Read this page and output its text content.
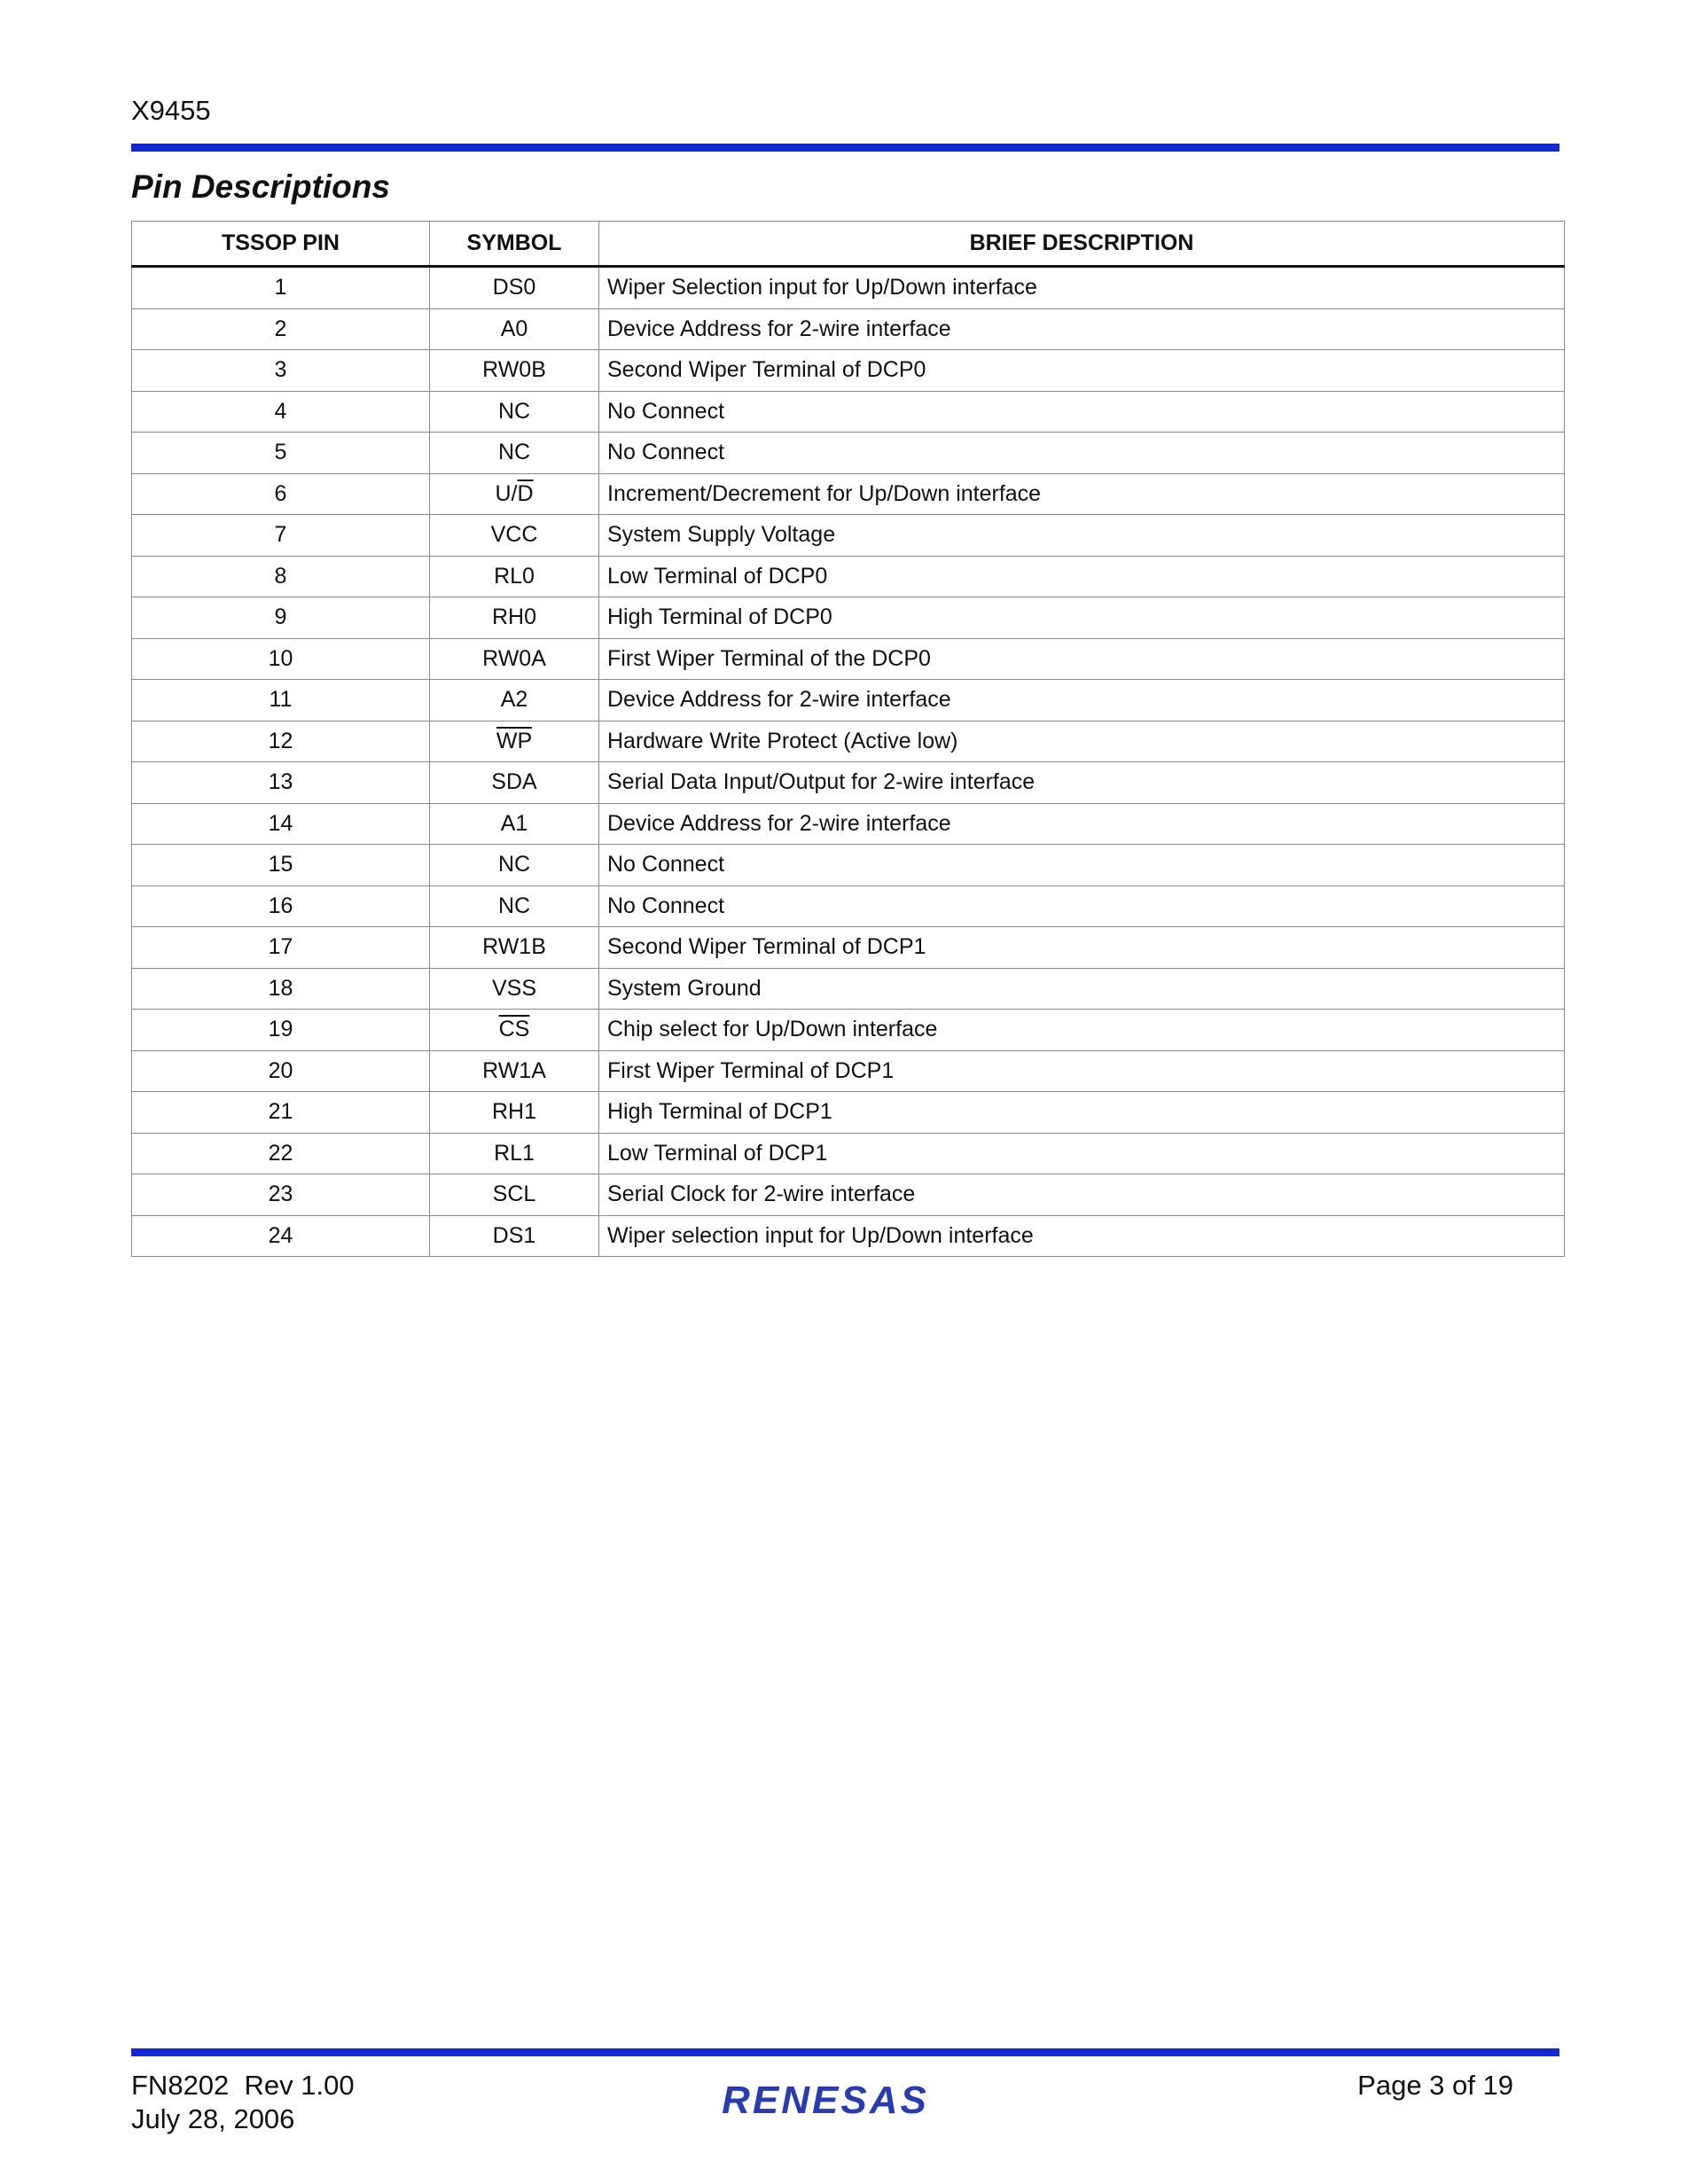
X9455
Pin Descriptions
TSSOP PIN	SYMBOL	BRIEF DESCRIPTION
1	DS0	Wiper Selection input for Up/Down interface
2	A0	Device Address for 2-wire interface
3	RW0B	Second Wiper Terminal of DCP0
4	NC	No Connect
5	NC	No Connect
6	$U/\overline{D}$	Increment/Decrement for Up/Down interface
7	VCC	System Supply Voltage
8	RL0	Low Terminal of DCP0
9	RH0	High Terminal of DCP0
10	RW0A	First Wiper Terminal of the DCP0
11	A2	Device Address for 2-wire interface
12	$\overline{WP}$	Hardware Write Protect (Active low)
13	SDA	Serial Data Input/Output for 2-wire interface
14	A1	Device Address for 2-wire interface
15	NC	No Connect
16	NC	No Connect
17	RW1B	Second Wiper Terminal of DCP1
18	VSS	System Ground
19	$\overline{CS}$	Chip select for Up/Down interface
20	RW1A	First Wiper Terminal of DCP1
21	RH1	High Terminal of DCP1
22	RL1	Low Terminal of DCP1
23	SCL	Serial Clock for 2-wire interface
24	DS1	Wiper selection input for Up/Down interface
FN8202  Rev 1.00
July 28, 2006	RENESAS	Page 3 of 19
